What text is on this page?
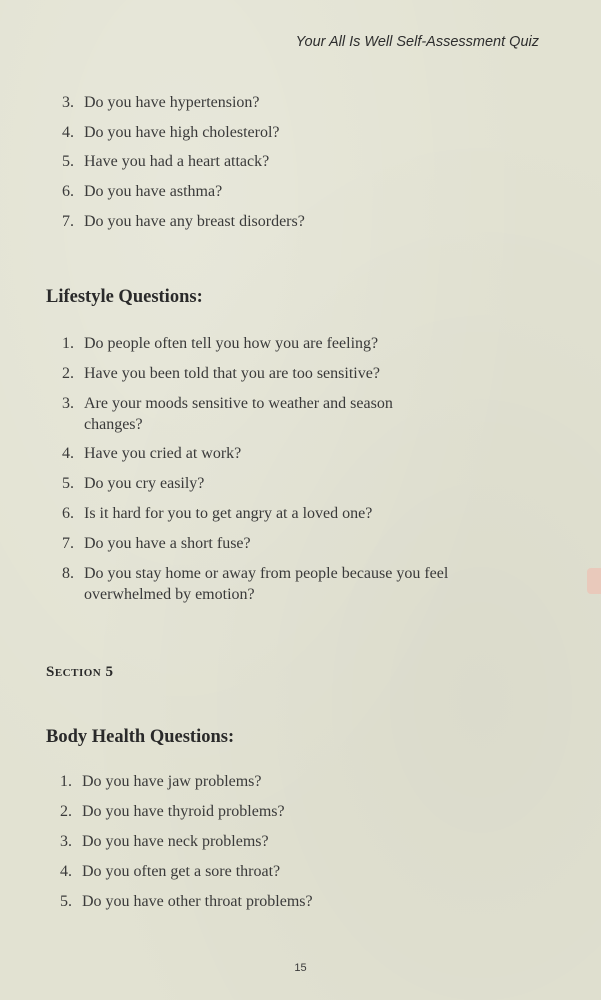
Your All Is Well Self-Assessment Quiz
3. Do you have hypertension?
4. Do you have high cholesterol?
5. Have you had a heart attack?
6. Do you have asthma?
7. Do you have any breast disorders?
Lifestyle Questions:
1. Do people often tell you how you are feeling?
2. Have you been told that you are too sensitive?
3. Are your moods sensitive to weather and season changes?
4. Have you cried at work?
5. Do you cry easily?
6. Is it hard for you to get angry at a loved one?
7. Do you have a short fuse?
8. Do you stay home or away from people because you feel overwhelmed by emotion?
Section 5
Body Health Questions:
1. Do you have jaw problems?
2. Do you have thyroid problems?
3. Do you have neck problems?
4. Do you often get a sore throat?
5. Do you have other throat problems?
15
